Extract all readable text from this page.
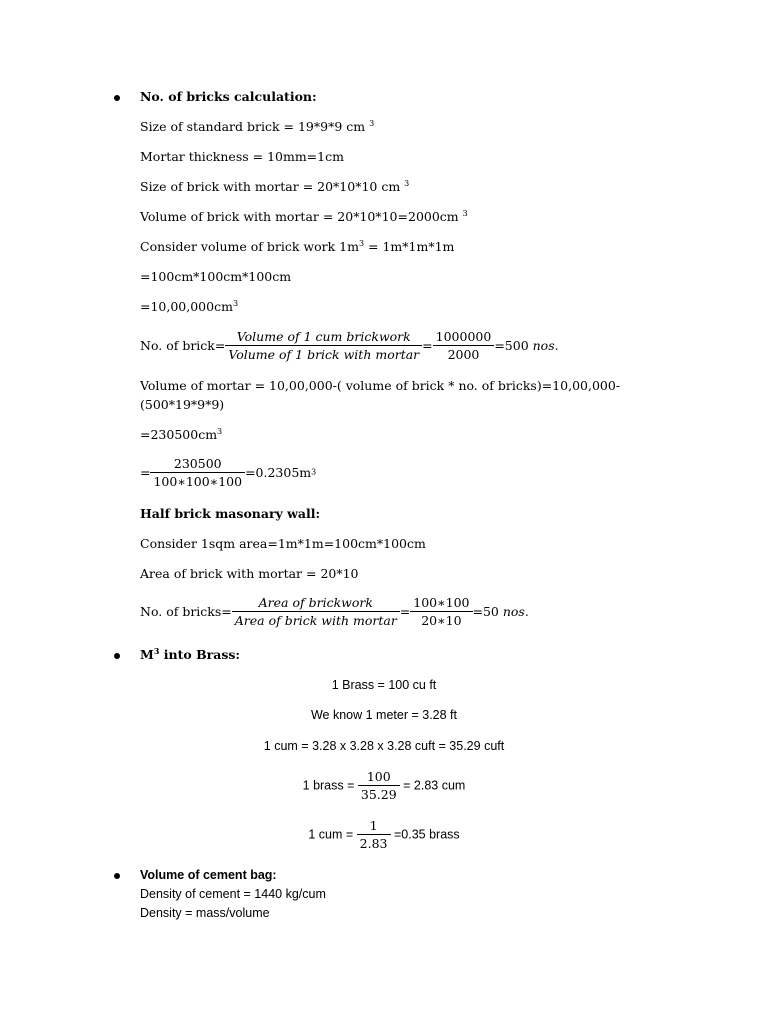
No. of bricks calculation:
Size of standard brick = 19*9*9 cm $^3$
Mortar thickness = 10mm=1cm
Size of brick with mortar = 20*10*10 cm $^3$
Volume of brick with mortar = 20*10*10=2000cm $^3$
Consider volume of brick work $1m^3 = 1m*1m*1m$
=100cm*100cm*100cm
$=10,00,000cm^3$
No. of brick= $\frac{\text{Volume of 1 cum brickwork}}{\text{Volume of 1 brick with mortar}} = \frac{1000000}{2000} =500$ nos.
Volume of mortar = 10,00,000-( volume of brick * no. of bricks)=10,00,000-
(500*19*9*9)
$=230500cm^3$
= $\frac{230500}{100∗100∗100} =0.2305m3$
Half brick masonary wall:
Consider 1sqm area=1m*1m=100cm*100cm
Area of brick with mortar = 20*10
No. of bricks= $\frac{\text{Area of brickwork}}{\text{Area of brick with mortar}} = \frac{100∗100}{20∗10} =50$ nos.
$M^3$ into Brass:
1 Brass = 100 cu ft
We know 1 meter = 3.28 ft
1 cum = 3.28 x 3.28 x 3.28 cuft = 35.29 cuft
1 brass = $\frac{100}{35.29} = 2.83$ cum
1 cum = $\frac{1}{2.83} =0.35$ brass
Volume of cement bag:
Density of cement = 1440 kg/cum
Density = mass/volume
